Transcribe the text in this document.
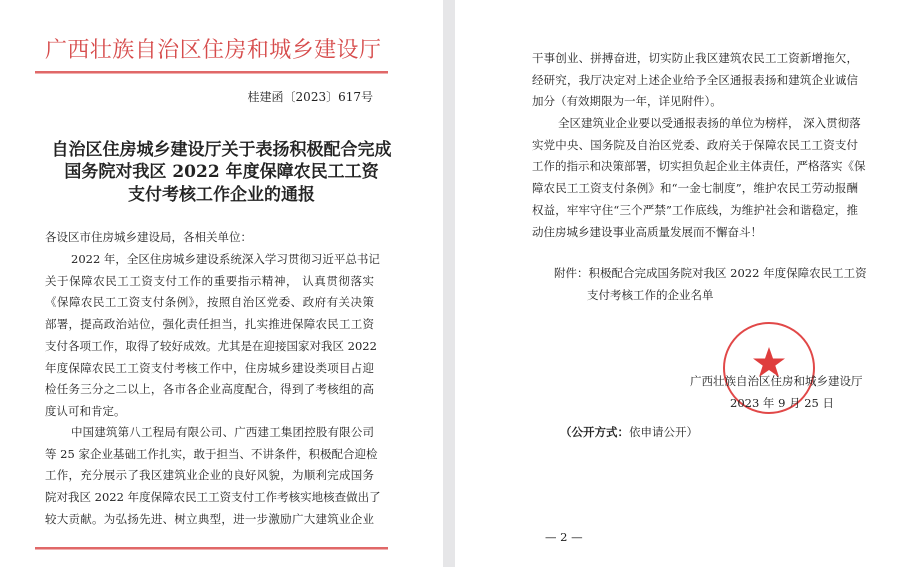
广西壮族自治区住房和城乡建设厅
桂建函〔2023〕617号
自治区住房城乡建设厅关于表扬积极配合完成
国务院对我区 2022 年度保障农民工工资
支付考核工作企业的通报
各设区市住房城乡建设局，各相关单位：
2022 年，全区住房城乡建设系统深入学习贯彻习近平总书记
关于保障农民工工资支付工作的重要指示精神， 认真贯彻落实
《保障农民工工资支付条例》，按照自治区党委、政府有关决策
部署，提高政治站位，强化责任担当，扎实推进保障农民工工资
支付各项工作，取得了较好成效。尤其是在迎接国家对我区 2022
年度保障农民工工资支付考核工作中，住房城乡建设类项目占迎
检任务三分之二以上，各市各企业高度配合，得到了考核组的高
度认可和肯定。
中国建筑第八工程局有限公司、广西建工集团控股有限公司
等 25 家企业基础工作扎实，敢于担当、不讲条件，积极配合迎检
工作，充分展示了我区建筑业企业的良好风貌，为顺利完成国务
院对我区 2022 年度保障农民工工资支付工作考核实地核查做出了
较大贡献。为弘扬先进、树立典型，进一步激励广大建筑业企业
干事创业、拼搏奋进，切实防止我区建筑农民工工资新增拖欠，
经研究，我厅决定对上述企业给予全区通报表扬和建筑企业诚信
加分（有效期限为一年，详见附件）。
全区建筑业企业要以受通报表扬的单位为榜样， 深入贯彻落
实党中央、国务院及自治区党委、政府关于保障农民工工资支付
工作的指示和决策部署，切实担负起企业主体责任，严格落实《保
障农民工工资支付条例》和“一金七制度”，维护农民工劳动报酬
权益，牢牢守住“三个严禁”工作底线，为维护社会和谐稳定，推
动住房城乡建设事业高质量发展而不懈奋斗！
附件：积极配合完成国务院对我区 2022 年度保障农民工工资
支付考核工作的企业名单
广西壮族自治区住房和城乡建设厅
2023 年 9 月 25 日
（公开方式：依申请公开）
— 2 —
